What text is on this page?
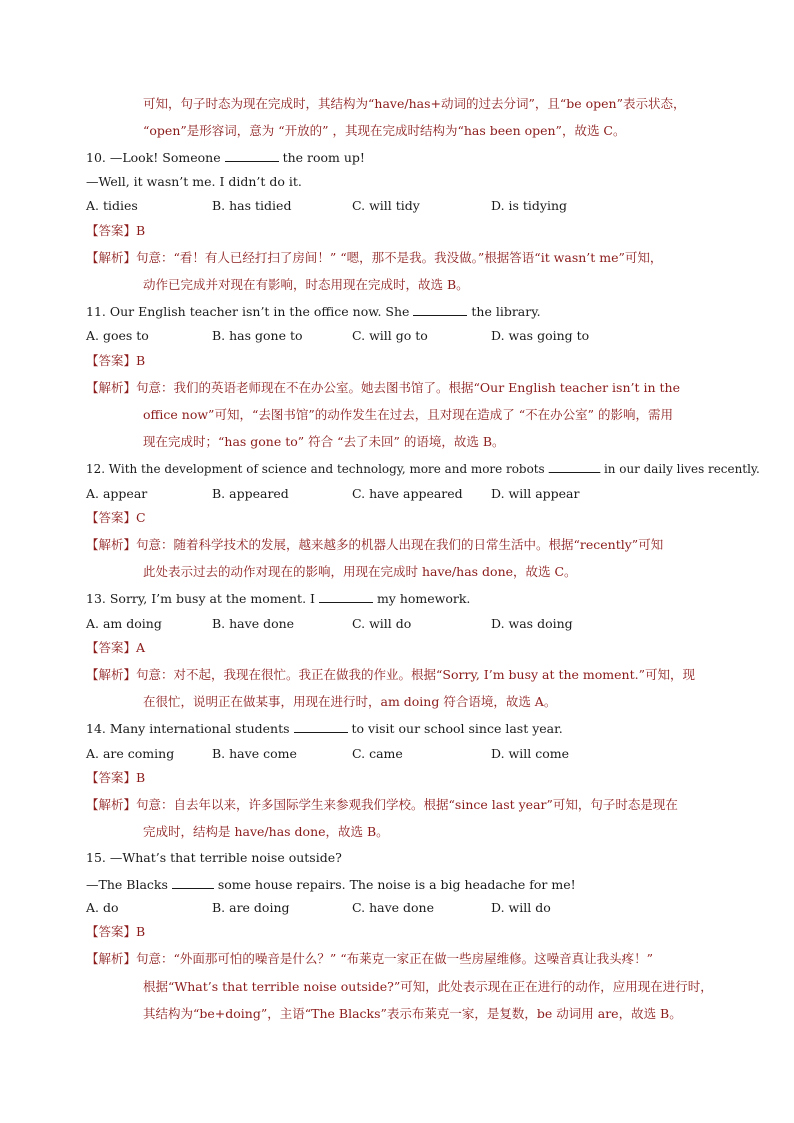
可知，句子时态为现在完成时，其结构为“have/has+动词的过去分词”，且“be open”表示状态，
“open”是形容词，意为 “开放的” ，其现在完成时结构为“has been open”，故选 C。
10. —Look! Someone	the room up!
—Well, it wasn’t me. I didn’t do it.
A. tidies	B. has tidied	C. will tidy	D. is tidying
【答案】B
【解析】句意：“看！有人已经打扫了房间！” “嗯，那不是我。我没做。”根据答语“it wasn’t me”可知，
动作已完成并对现在有影响，时态用现在完成时，故选 B。
11. Our English teacher isn’t in the office now. She	the library.
A. goes to	B. has gone to	C. will go to	D. was going to
【答案】B
【解析】句意：我们的英语老师现在不在办公室。她去图书馆了。根据“Our English teacher isn’t in the
office now”可知，“去图书馆”的动作发生在过去，且对现在造成了 “不在办公室” 的影响，需用
现在完成时；“has gone to” 符合 “去了未回” 的语境，故选 B。
12. With the development of science and technology, more and more robots	in our daily lives recently.
A. appear	B. appeared	C. have appeared D. will appear
【答案】C
【解析】句意：随着科学技术的发展，越来越多的机器人出现在我们的日常生活中。根据“recently”可知
此处表示过去的动作对现在的影响，用现在完成时 have/has done，故选 C。
13. Sorry, I’m busy at the moment. I	my homework.
A. am doing	B. have done	C. will do	D. was doing
【答案】A
【解析】句意：对不起，我现在很忙。我正在做我的作业。根据“Sorry, I’m busy at the moment.”可知，现
在很忙，说明正在做某事，用现在进行时，am doing 符合语境，故选 A。
14. Many international students	to visit our school since last year.
A. are coming	B. have come	C. came	D. will come
【答案】B
【解析】句意：自去年以来，许多国际学生来参观我们学校。根据“since last year”可知，句子时态是现在
完成时，结构是 have/has done，故选 B。
15. —What’s that terrible noise outside?
—The Blacks	some house repairs. The noise is a big headache for me!
A. do	B. are doing	C. have done	D. will do
【答案】B
【解析】句意：“外面那可怕的噪音是什么？” “布莱克一家正在做一些房屋维修。这噪音真让我头疼！”
根据“What’s that terrible noise outside?”可知，此处表示现在正在进行的动作，应用现在进行时，
其结构为“be+doing”，主语“The Blacks”表示布莱克一家，是复数，be 动词用 are，故选 B。
